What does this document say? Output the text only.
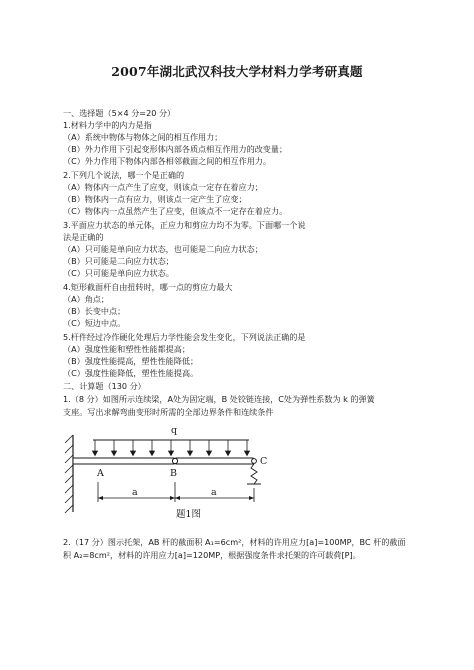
2007年湖北武汉科技大学材料力学考研真题
一、选择题（5×4 分=20 分）
1.材料力学中的内力是指
（A）系统中物体与物体之间的相互作用力；
（B）外力作用下引起变形体内部各质点相互作用力的改变量；
（C）外力作用下物体内部各相邻截面之间的相互作用力。
2.下列几个说法，哪一个是正确的
（A）物体内一点产生了应变，则该点一定存在着应力；
（B）物体内一点有应力，则该点一定产生了应变；
（C）物体内一点虽然产生了应变，但该点不一定存在着应力。
3.平面应力状态的单元体，正应力和剪应力均不为零。下面哪一个说
法是正确的
（A）只可能是单向应力状态，也可能是二向应力状态；
（B）只可能是二向应力状态；
（C）只可能是单向应力状态。
4.矩形截面杆自由扭转时，哪一点的剪应力最大
（A）角点；
（B）长变中点；
（C）短边中点。
5.杆件经过冷作硬化处理后力学性能会发生变化，下列说法正确的是
（A）强度性能和塑性性能都提高；
（B）强度性能提高，塑性性能降低；
（C）强度性能降低，塑性性能提高。
二、计算题（130 分）
1.（8 分）如图所示连续梁，A处为固定端，B 处铰链连接，C处为弹性系数为 k 的弹簧
支座。写出求解弯曲变形时所需的全部边界条件和连续条件
q
A	B
C
a	a
题1图
2.（17 分）图示托架，AB 杆的截面积 A₁=6cm²，材料的许用应力[a]=100MP，BC 杆的截面
积 A₂=8cm²，材料的许用应力[a]=120MP，根据强度条件求托架的许可载荷[P]。
